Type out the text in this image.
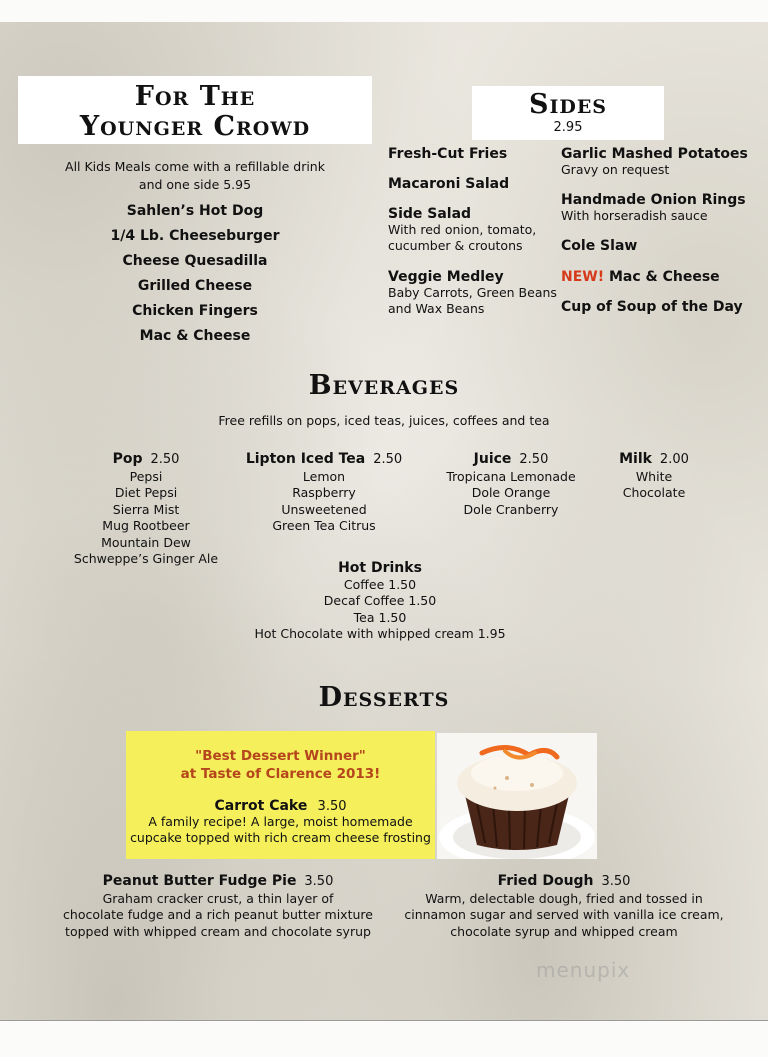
For The
Younger Crowd
All Kids Meals come with a refillable drink
and one side 5.95
Sahlen’s Hot Dog
1/4 Lb. Cheeseburger
Cheese Quesadilla
Grilled Cheese
Chicken Fingers
Mac & Cheese
Sides
2.95
Fresh-Cut Fries
Macaroni Salad
Side Salad
With red onion, tomato,
cucumber & croutons
Veggie Medley
Baby Carrots, Green Beans
and Wax Beans
Garlic Mashed Potatoes
Gravy on request
Handmade Onion Rings
With horseradish sauce
Cole Slaw
NEW! Mac & Cheese
Cup of Soup of the Day
Beverages
Free refills on pops, iced teas, juices, coffees and tea
Pop 2.50
Pepsi
Diet Pepsi
Sierra Mist
Mug Rootbeer
Mountain Dew
Schweppe’s Ginger Ale
Lipton Iced Tea 2.50
Lemon
Raspberry
Unsweetened
Green Tea Citrus
Juice 2.50
Tropicana Lemonade
Dole Orange
Dole Cranberry
Milk 2.00
White
Chocolate
Hot Drinks
Coffee 1.50
Decaf Coffee 1.50
Tea 1.50
Hot Chocolate with whipped cream 1.95
Desserts
"Best Dessert Winner"
at Taste of Clarence 2013!
Carrot Cake 3.50
A family recipe! A large, moist homemade
cupcake topped with rich cream cheese frosting
Peanut Butter Fudge Pie 3.50
Graham cracker crust, a thin layer of
chocolate fudge and a rich peanut butter mixture
topped with whipped cream and chocolate syrup
Fried Dough 3.50
Warm, delectable dough, fried and tossed in
cinnamon sugar and served with vanilla ice cream,
chocolate syrup and whipped cream
menupix
